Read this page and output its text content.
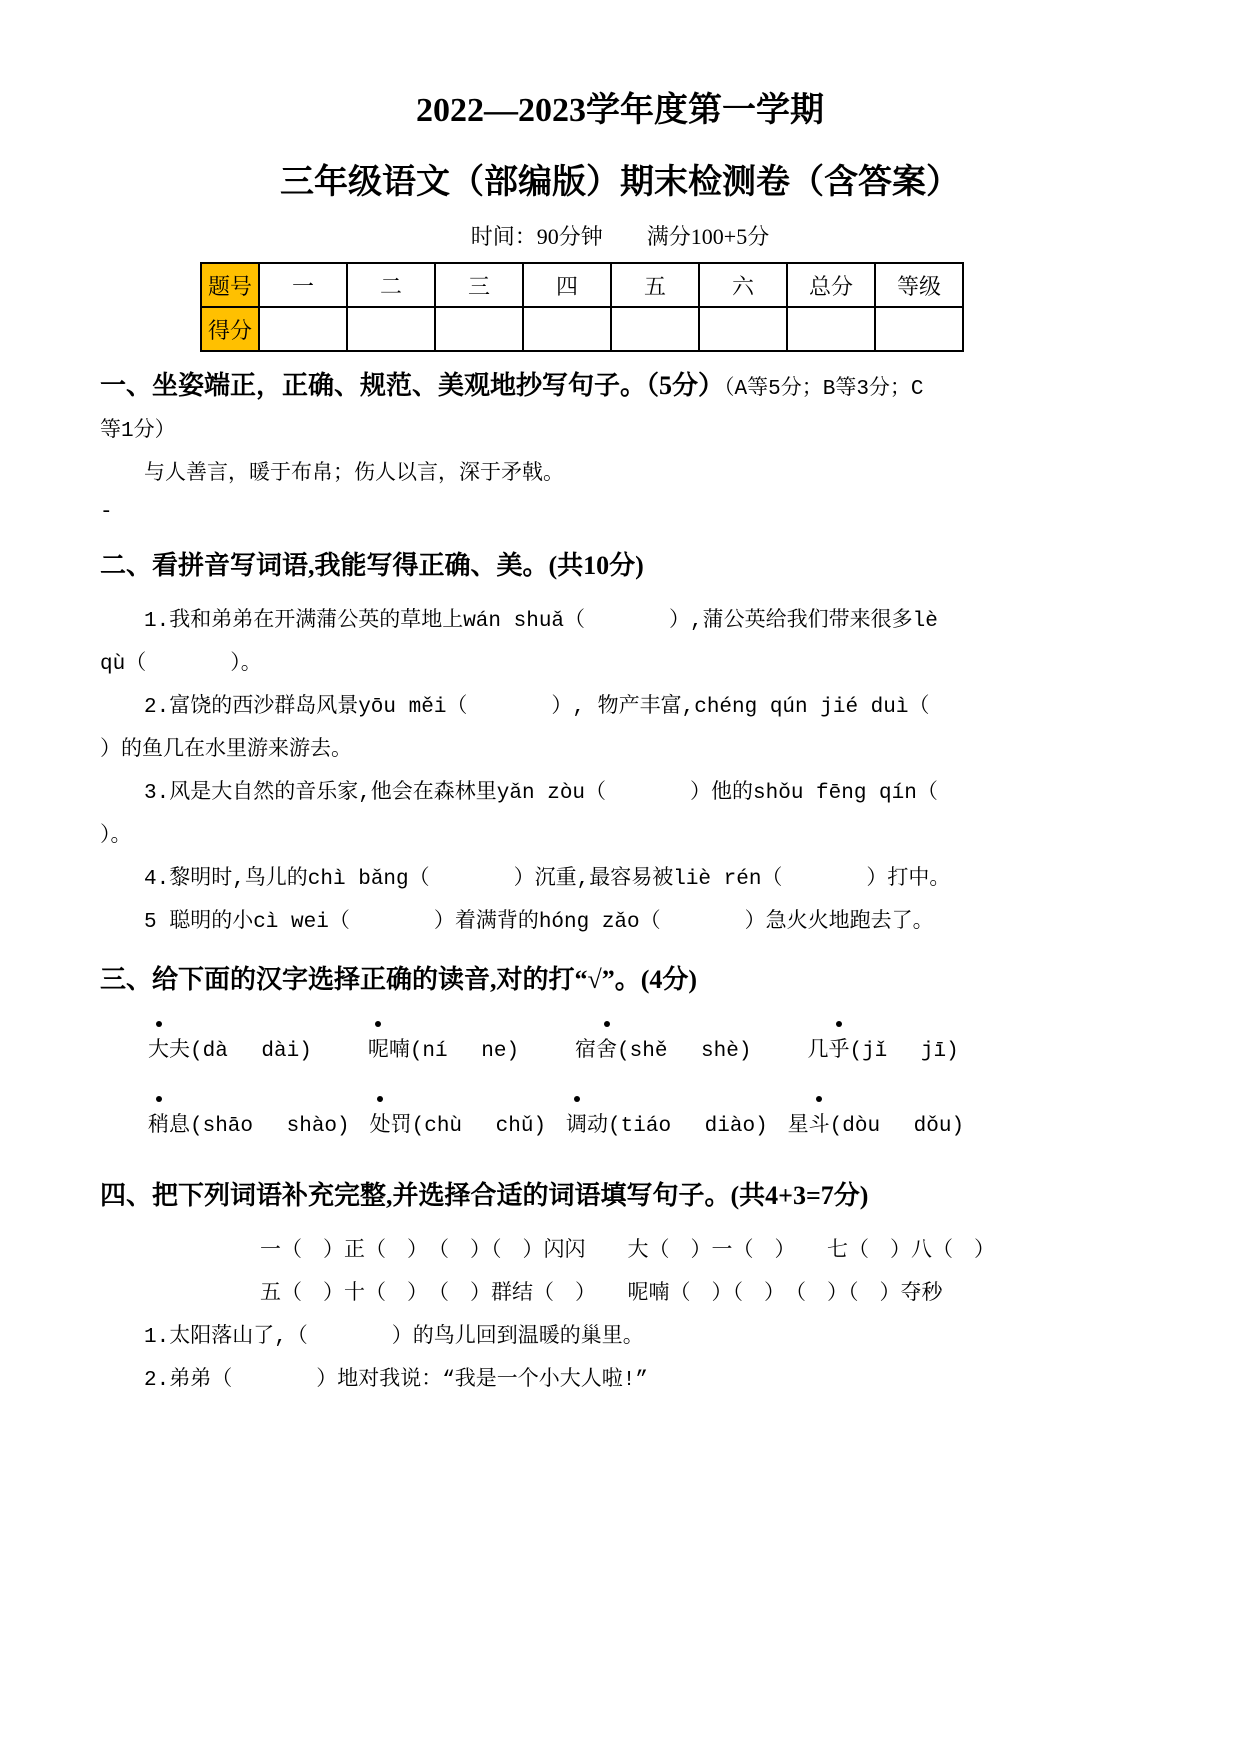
2022—2023学年度第一学期
三年级语文（部编版）期末检测卷（含答案）
时间：90分钟　　满分100+5分
题号	一	二	三	四	五	六	总分	等级
得分								
一、坐姿端正，正确、规范、美观地抄写句子。（5分）（A等5分；B等3分；C
等1分）
与人善言，暖于布帛；伤人以言，深于矛戟。
-
二、看拼音写词语,我能写得正确、美。(共10分)
1.我和弟弟在开满蒲公英的草地上wán shuǎ（　　　　）,蒲公英给我们带来很多lè
qù（　　　　）。
2.富饶的西沙群岛风景yōu měi（　　　　）, 物产丰富,chéng qún jié duì（
）的鱼几在水里游来游去。
3.风是大自然的音乐家,他会在森林里yǎn zòu（　　　　）他的shǒu fēng qín（
）。
4.黎明时,鸟儿的chì bǎng（　　　　）沉重,最容易被liè rén（　　　　）打中。
5 聪明的小cì wei（　　　　）着满背的hóng zǎo（　　　　）急火火地跑去了。
三、给下面的汉字选择正确的读音,对的打“√”。(4分)
大夫(dà　 dài)	呢喃(ní　 ne)	宿舍(shě　 shè)	几乎(jǐ　 jī)
稍息(shāo　 shào) 处罚(chù　 chǔ) 调动(tiáo　 diào) 星斗(dòu　 dǒu)
四、把下列词语补充完整,并选择合适的词语填写句子。(共4+3=7分)
一（　）正（　）　（　）（　）闪闪　　大（　）一（　）　　七（　）八（　）
五（　）十（　）　（　）群结（　）　　呢喃（　）（　）　（　）（　）夺秒
1.太阳落山了,（　　　　）的鸟儿回到温暖的巢里。
2.弟弟（　　　　）地对我说：“我是一个小大人啦!”
